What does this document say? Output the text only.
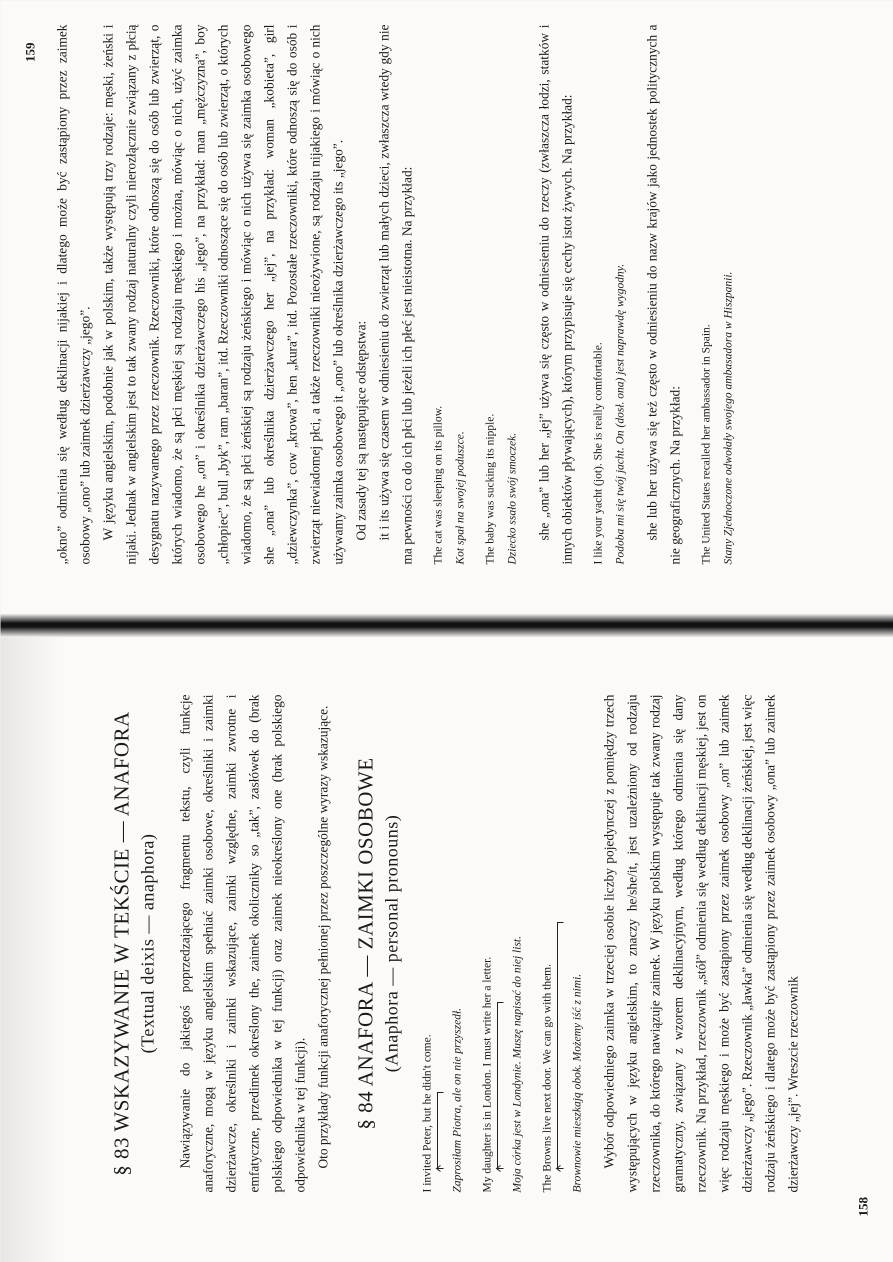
§ 83 WSKAZYWANIE W TEKŚCIE — ANAFORA (Textual deixis — anaphora) Nawiązywanie do jakiegoś poprzedzającego fragmentu tekstu, czyli funkcje anaforyczne, mogą w języku angielskim spełniać zaimki osobowe, określniki i zaimki dzierżawcze, określniki i zaimki wskazujące, zaimki względne, zaimki zwrotne i emfatyczne, przedimek określony the, zaimek okoliczniky so „tak”, zasłówek do (brak polskiego odpowiednika w tej funkcji) oraz zaimek nieokreślony one (brak polskiego odpowiednika w tej funkcji). Oto przykłady funkcji anaforycznej pełnionej przez poszczególne wyrazy wskazujące. § 84 ANAFORA — ZAIMKI OSOBOWE (Anaphora — personal pronouns)

I invited Peter, but he didn't come.	Zaprosiłam Piotra, ale on nie przyszedł.	My daughter is in London. I must write her a letter.	Moja córka jest w Londynie. Muszę napisać do niej list.	The Browns live next door. We can go with them.	Brownowie mieszkają obok. Możemy iść z nimi. Wybór odpowiedniego zaimka w trzeciej osobie liczby pojedynczej z pomiędzy trzech występujących w języku angielskim, to znaczy he/she/it, jest uzależniony od rodzaju rzeczownika, do którego nawiązuje zaimek. W języku polskim występuje tak zwany rodzaj gramatyczny, związany z wzorem deklinacyjnym, według którego odmienia się dany rzeczownik. Na przykład, rzeczownik „stół” odmienia się według deklinacji męskiej, jest on więc rodzaju męskiego i może być zastąpiony przez zaimek osobowy „on” lub zaimek dzierżawczy „jego”. Rzeczownik „ławka” odmienia się według deklinacji żeńskiej, jest więc rodzaju żeńskiego i dlatego może być zastąpiony przez zaimek osobowy „ona” lub zaimek dzierżawczy „jej”. Wreszcie rzeczownik

158

„okno” odmienia się według deklinacji nijakiej i dlatego może być zastąpiony przez zaimek osobowy „ono” lub zaimek dzierżawczy „jego”. W języku angielskim, podobnie jak w polskim, także występują trzy rodzaje: męski, żeński i nijaki. Jednak w angielskim jest to tak zwany rodzaj naturalny czyli nierozłącznie związany z płcią desygnatu nazywanego przez rzeczownik. Rzeczowniki, które odnoszą się do osób lub zwierząt, o których wiadomo, że są płci męskiej są rodzaju męskiego i można, mówiąc o nich, użyć zaimka osobowego he „on” i określnika dzierżawczego his „jego”, na przykład: man „mężczyzna”, boy „chłopiec”, bull „byk”, ram „baran”, itd. Rzeczowniki odnoszące się do osób lub zwierząt, o których wiadomo, że są płci żeńskiej są rodzaju żeńskiego i mówiąc o nich używa się zaimka osobowego she „ona” lub określnika dzierżawczego her „jej”, na przykład: woman „kobieta”, girl „dziewczynka”, cow „krowa”, hen „kura”, itd. Pozostałe rzeczowniki, które odnoszą się do osób i zwierząt niewiadomej płci, a także rzeczowniki nieożywione, są rodzaju nijakiego i mówiąc o nich używamy zaimka osobowego it „ono” lub określnika dzierżawczego its „jego”. Od zasady tej są następujące odstępstwa: it i its używa się czasem w odniesieniu do zwierząt lub małych dzieci, zwłaszcza wtedy gdy nie ma pewności co do ich płci lub jeżeli ich płeć jest nieistotna. Na przykład:	The cat was sleeping on its pillow. Kot spał na swojej poduszce.	The baby was sucking its nipple. Dziecko ssało swój smoczek. she „ona” lub her „jej” używa się często w odniesieniu do rzeczy (zwłaszcza łodzi, statków i innych obiektów pływających), którym przypisuje się cechy istot żywych. Na przykład:	I like your yacht (jot). She is really comfortable. Podoba mi się twój jacht. On (dosł. ona) jest naprawdę wygodny. she lub her używa się też często w odniesieniu do nazw krajów jako jednostek politycznych a nie geograficznych. Na przykład:	The United States recalled her ambassador in Spain. Stany Zjednoczone odwołały swojego ambasadora w Hiszpanii.

159
